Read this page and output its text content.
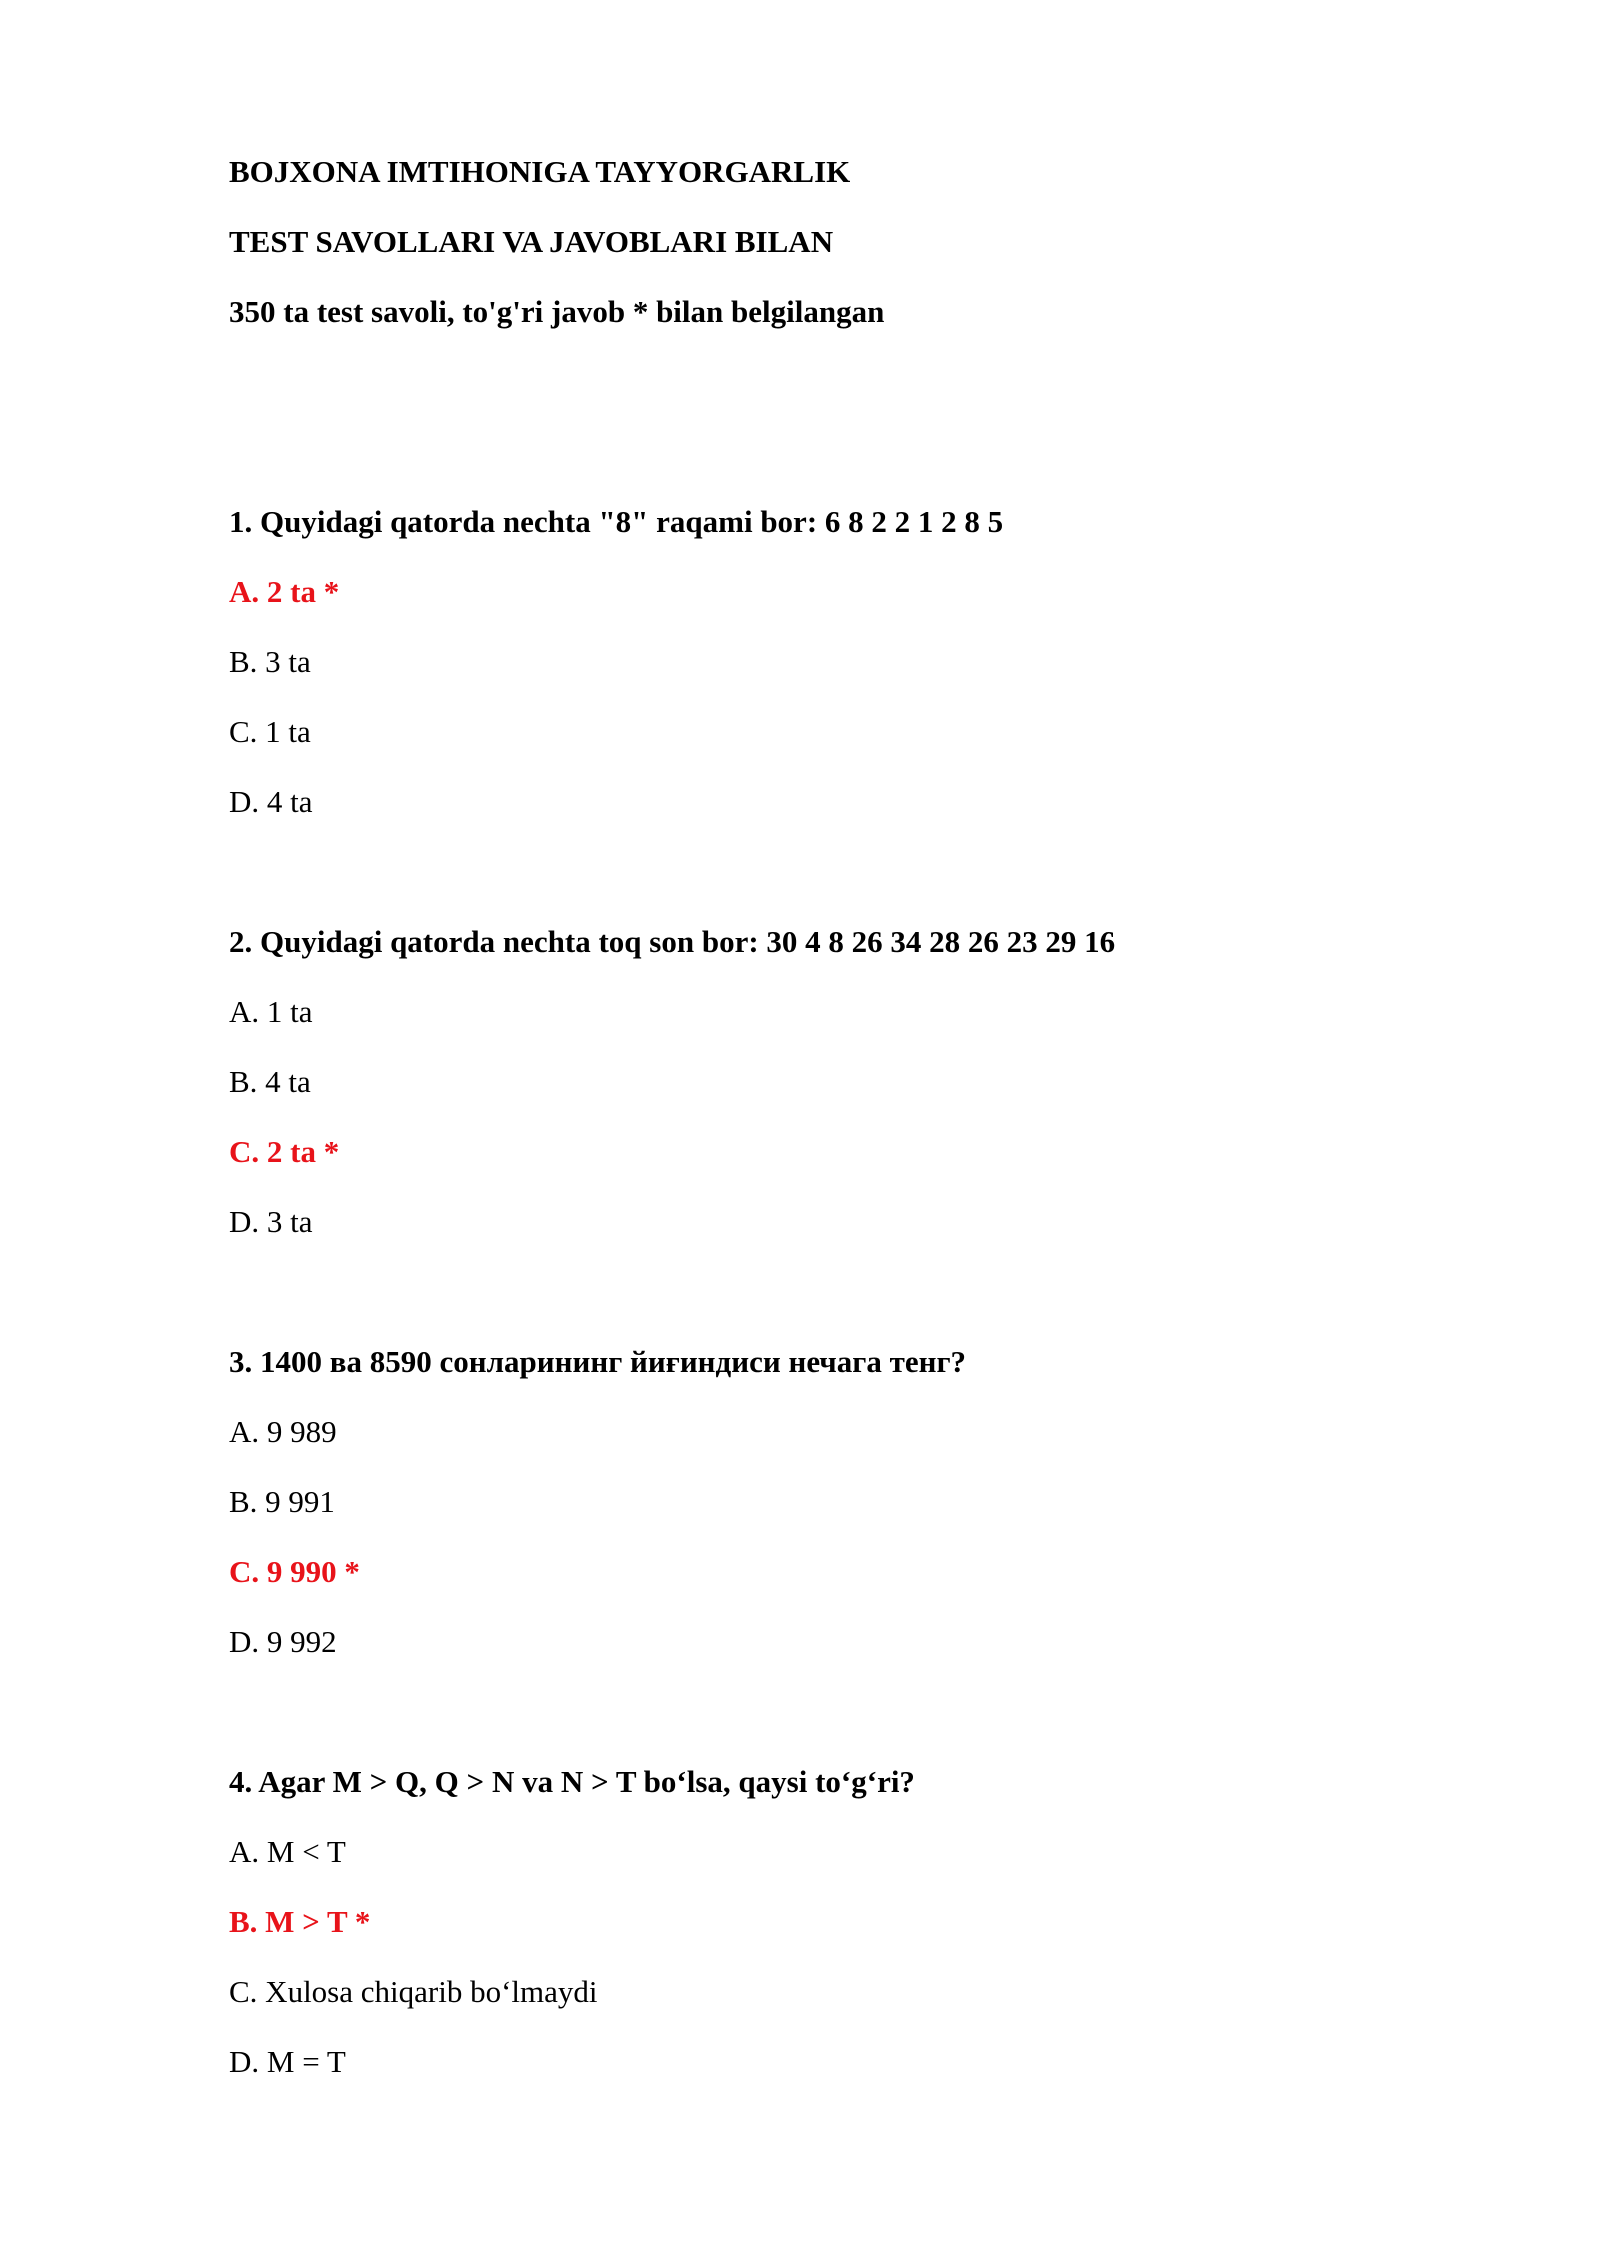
BOJXONA IMTIHONIGA TAYYORGARLIK

TEST SAVOLLARI VA JAVOBLARI BILAN

350 ta test savoli, to'g'ri javob * bilan belgilangan

1. Quyidagi qatorda nechta "8" raqami bor: 6 8 2 2 1 2 8 5

A. 2 ta *

B. 3 ta

C. 1 ta

D. 4 ta

2. Quyidagi qatorda nechta toq son bor: 30 4 8 26 34 28 26 23 29 16

A. 1 ta

B. 4 ta

C. 2 ta *

D. 3 ta

3. 1400 ва 8590 сонларининг йиғиндиси нечага тенг?

A. 9 989

B. 9 991

C. 9 990 *

D. 9 992

4. Agar M > Q, Q > N va N > T bo‘lsa, qaysi to‘g‘ri?

A. M < T

B. M > T *

C. Xulosa chiqarib bo‘lmaydi

D. M = T
